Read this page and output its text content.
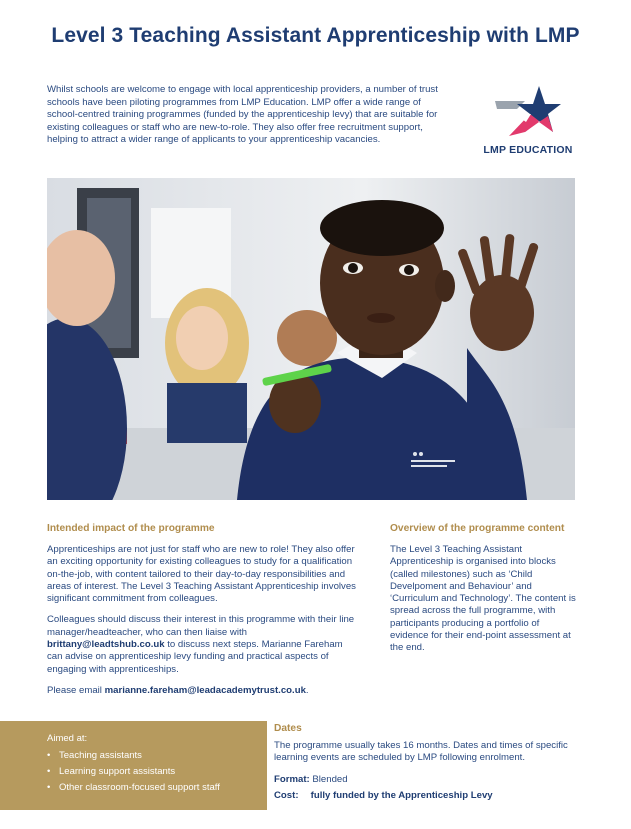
Level 3 Teaching Assistant Apprenticeship with LMP
Whilst schools are welcome to engage with local apprenticeship providers, a number of trust schools have been piloting programmes from LMP Education. LMP offer a wide range of school-centred training programmes (funded by the apprenticeship levy) that are suitable for existing colleagues or staff who are new-to-role. They also offer free recruitment support, helping to attract a wider range of applicants to your apprenticeship vacancies.
LMP EDUCATION
Intended impact of the programme
Apprenticeships are not just for staff who are new to role! They also offer an exciting opportunity for existing colleagues to study for a qualification on-the-job, with content tailored to their day-to-day responsibilities and areas of interest. The Level 3 Teaching Assistant Apprenticeship involves significant commitment from colleagues.
Colleagues should discuss their interest in this programme with their line manager/headteacher, who can then liaise with brittany@leadtshub.co.uk to discuss next steps. Marianne Fareham can advise on apprenticeship levy funding and practical aspects of engaging with apprenticeships.
Please email marianne.fareham@leadacademytrust.co.uk.
Overview of the programme content
The Level 3 Teaching Assistant Apprenticeship is organised into blocks (called milestones) such as ‘Child Develpoment and Behaviour’ and ‘Curriculum and Technology’. The content is spread across the full programme, with participants producing a portfolio of evidence for their end-point assessment at the end.
Aimed at:
• Teaching assistants
• Learning support assistants
• Other classroom-focused support staff
Dates
The programme usually takes 16 months. Dates and times of specific learning events are scheduled by LMP following enrolment.
Format: Blended
Cost: fully funded by the Apprenticeship Levy
